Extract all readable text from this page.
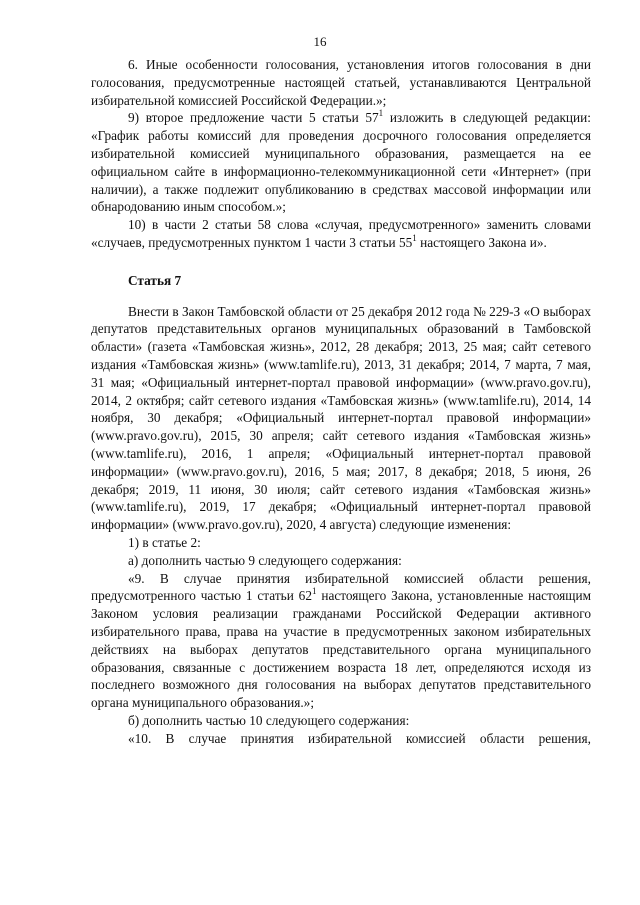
16

6. Иные особенности голосования, установления итогов голосования в дни голосования, предусмотренные настоящей статьей, устанавливаются Центральной избирательной комиссией Российской Федерации.»;

9) второе предложение части 5 статьи $57^1$ изложить в следующей редакции: «График работы комиссий для проведения досрочного голосования определяется избирательной комиссией муниципального образования, размещается на ее официальном сайте в информационно-телекоммуникационной сети «Интернет» (при наличии), а также подлежит опубликованию в средствах массовой информации или обнародованию иным способом.»;

10) в части 2 статьи 58 слова «случая, предусмотренного» заменить словами «случаев, предусмотренных пунктом 1 части 3 статьи $55^1$ настоящего Закона и».

Статья 7

Внести в Закон Тамбовской области от 25 декабря 2012 года № 229-З «О выборах депутатов представительных органов муниципальных образований в Тамбовской области» (газета «Тамбовская жизнь», 2012, 28 декабря; 2013, 25 мая; сайт сетевого издания «Тамбовская жизнь» (www.tamlife.ru), 2013, 31 декабря; 2014, 7 марта, 7 мая, 31 мая; «Официальный интернет-портал правовой информации» (www.pravo.gov.ru), 2014, 2 октября; сайт сетевого издания «Тамбовская жизнь» (www.tamlife.ru), 2014, 14 ноября, 30 декабря; «Официальный интернет-портал правовой информации» (www.pravo.gov.ru), 2015, 30 апреля; сайт сетевого издания «Тамбовская жизнь» (www.tamlife.ru), 2016, 1 апреля; «Официальный интернет-портал правовой информации» (www.pravo.gov.ru), 2016, 5 мая; 2017, 8 декабря; 2018, 5 июня, 26 декабря; 2019, 11 июня, 30 июля; сайт сетевого издания «Тамбовская жизнь» (www.tamlife.ru), 2019, 17 декабря; «Официальный интернет-портал правовой информации» (www.pravo.gov.ru), 2020, 4 августа) следующие изменения:

1) в статье 2:

а) дополнить частью 9 следующего содержания:

«9. В случае принятия избирательной комиссией области решения, предусмотренного частью 1 статьи $62^1$ настоящего Закона, установленные настоящим Законом условия реализации гражданами Российской Федерации активного избирательного права, права на участие в предусмотренных законом избирательных действиях на выборах депутатов представительного органа муниципального образования, связанные с достижением возраста 18 лет, определяются исходя из последнего возможного дня голосования на выборах депутатов представительного органа муниципального образования.»;

б) дополнить частью 10 следующего содержания:

«10. В случае принятия избирательной комиссией области решения,
